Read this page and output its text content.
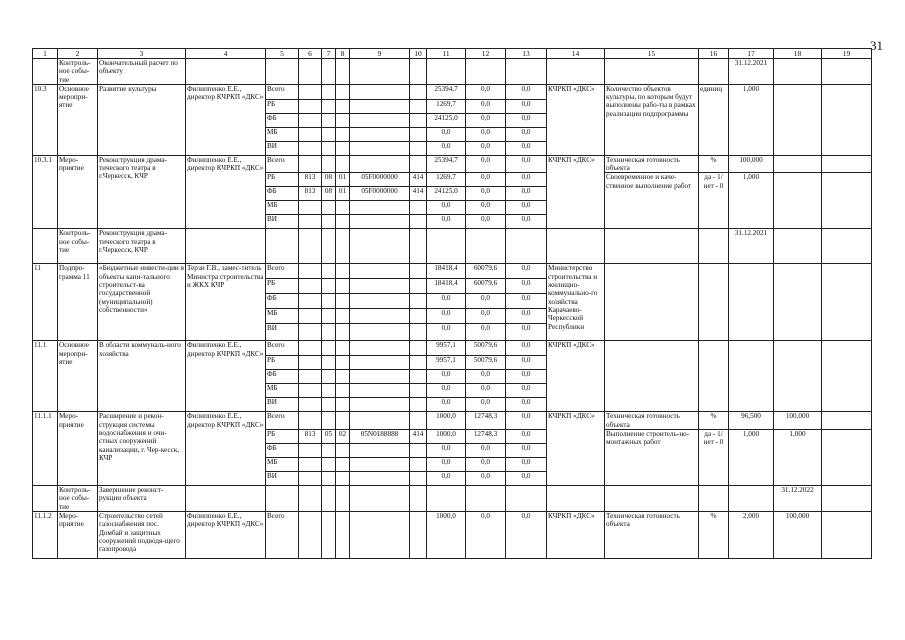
31
1	2	3	4	5	6	7	8	9	10	11	12	13	14	15	16	17	18	19
	Контроль-ное собы-тие	Окончательный расчет по объекту														31.12.2021		
10.3	Основное меропри-ятие	Развитие культуры	Филиппенко Е.Е., директор КЧРКП «ДКС»	Всего						25394,7	0,0	0,0	КЧРКП «ДКС»	Количество объектов культуры, по которым будут выполнены рабо-ты в рамках реализации подпрограммы	единиц	1,000		
				РБ						1269,7	0,0	0,0						
				ФБ						24125,0	0,0	0,0						
				МБ						0,0	0,0	0,0						
				ВИ						0,0	0,0	0,0						
10.3.1	Меро-приятие	Реконструкция драма-тического театра в г.Черкесск, КЧР	Филиппенко Е.Е., директор КЧРКП «ДКС»	Всего						25394,7	0,0	0,0	КЧРКП «ДКС»	Техническая готовность объекта	%	100,000		
				РБ	813	08	01	05F0000000	414	1269,7	0,0	0,0		Своевременное и каче-ственное выполнение работ	да - 1/ нет - 0	1,000		
				ФБ	813	08	01	05F0000000	414	24125,0	0,0	0,0						
				МБ						0,0	0,0	0,0						
				ВИ						0,0	0,0	0,0						
	Контроль-ное собы-тие	Реконструкция драма-тического театра в г.Черкесск, КЧР														31.12.2021		
11	Подпро-грамма 11	«Бюджетные инвести-ции в объекты капи-тального строительст-ва государственной (муниципальной) собственности»	Терзи Г.В., замес-титель Министра строительства и ЖКХ КЧР	Всего						18418,4	60079,6	0,0	Министерство строительства и жилищно-коммунально-го хозяйства Карачаево-Черкесской Республики					
				РБ						18418,4	60079,6	0,0						
				ФБ						0,0	0,0	0,0						
				МБ						0,0	0,0	0,0						
				ВИ						0,0	0,0	0,0						
11.1	Основное меропри-ятие	В области коммуналь-ного хозяйства	Филиппенко Е.Е., директор КЧРКП «ДКС»	Всего						9957,1	50079,6	0,0	КЧРКП «ДКС»					
				РБ						9957,1	50079,6	0,0						
				ФБ						0,0	0,0	0,0						
				МБ						0,0	0,0	0,0						
				ВИ						0,0	0,0	0,0						
11.1.1	Меро-приятие	Расширение и рекон-струкция системы водоснабжения и очи-стных сооружений канализации, г. Чер-кесск, КЧР	Филиппенко Е.Е., директор КЧРКП «ДКС»	Всего						1000,0	12748,3	0,0	КЧРКП «ДКС»	Техническая готовность объекта	%	96,500	100,000	
				РБ	813	05	02	05N0188888	414	1000,0	12748,3	0,0		Выполнение строитель-но-монтажных работ	да - 1/ нет - 0	1,000	1,000	
				ФБ						0,0	0,0	0,0						
				МБ						0,0	0,0	0,0						
				ВИ						0,0	0,0	0,0						
	Контроль-ное собы-тие	Завершение реконст-рукции объекта															31.12.2022	
11.1.2	Меро-приятие	Строительство сетей газоснабжения пос. Домбай и защитных сооружений подводя-щего газопровода	Филиппенко Е.Е., директор КЧРКП «ДКС»	Всего						1000,0	0,0	0,0	КЧРКП «ДКС»	Техническая готовность объекта	%	2,000	100,000	
